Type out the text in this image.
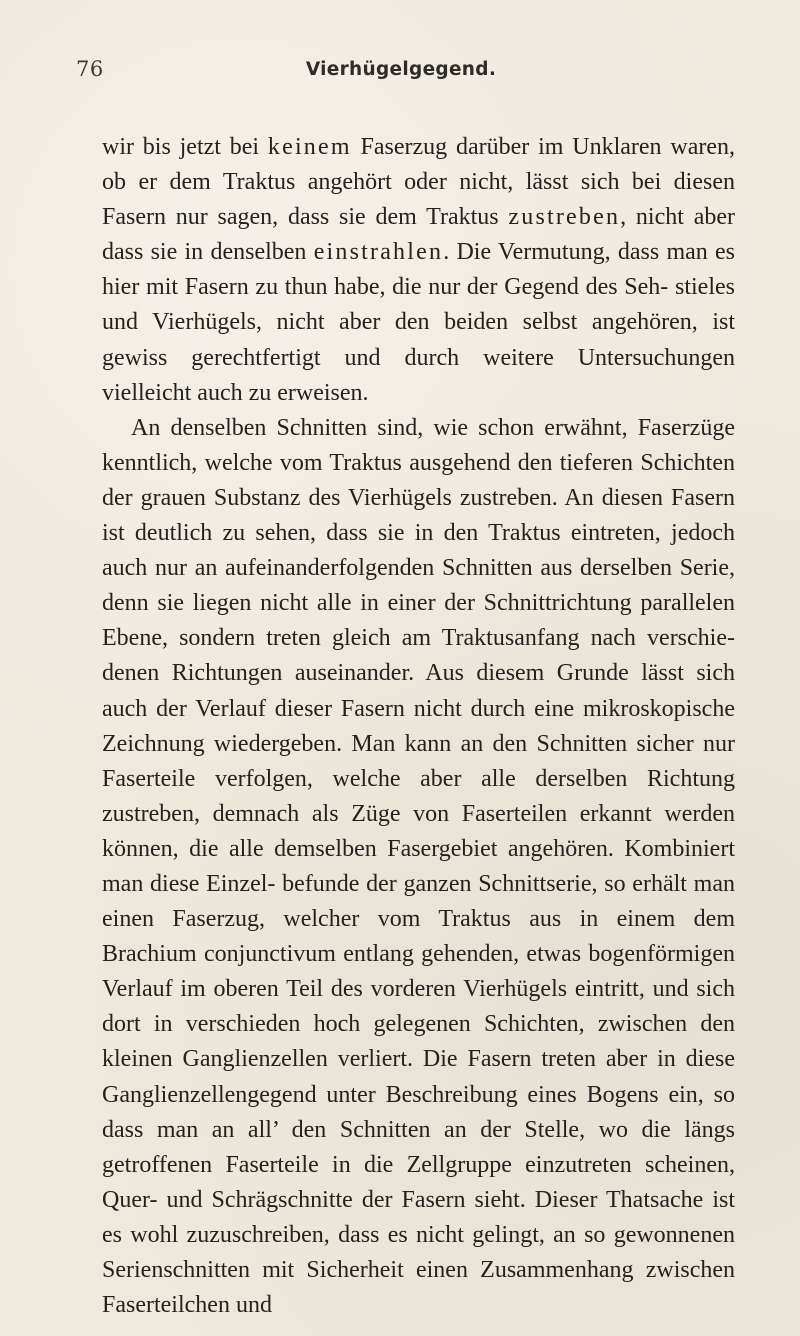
76	Vierhügelgegend.

wir bis jetzt bei keinem Faserzug darüber im Unklaren waren, ob er dem Traktus angehört oder nicht, lässt sich bei diesen Fasern nur sagen, dass sie dem Traktus zustreben, nicht aber dass sie in denselben einstrahlen. Die Vermutung, dass man es hier mit Fasern zu thun habe, die nur der Gegend des Seh- stieles und Vierhügels, nicht aber den beiden selbst angehören, ist gewiss gerechtfertigt und durch weitere Untersuchungen vielleicht auch zu erweisen.

An denselben Schnitten sind, wie schon erwähnt, Faserzüge kenntlich, welche vom Traktus ausgehend den tieferen Schichten der grauen Substanz des Vierhügels zustreben. An diesen Fasern ist deutlich zu sehen, dass sie in den Traktus eintreten, jedoch auch nur an aufeinanderfolgenden Schnitten aus derselben Serie, denn sie liegen nicht alle in einer der Schnittrichtung parallelen Ebene, sondern treten gleich am Traktusanfang nach verschie- denen Richtungen auseinander. Aus diesem Grunde lässt sich auch der Verlauf dieser Fasern nicht durch eine mikroskopische Zeichnung wiedergeben. Man kann an den Schnitten sicher nur Faserteile verfolgen, welche aber alle derselben Richtung zustreben, demnach als Züge von Faserteilen erkannt werden können, die alle demselben Fasergebiet angehören. Kombiniert man diese Einzel- befunde der ganzen Schnittserie, so erhält man einen Faserzug, welcher vom Traktus aus in einem dem Brachium conjunctivum entlang gehenden, etwas bogenförmigen Verlauf im oberen Teil des vorderen Vierhügels eintritt, und sich dort in verschieden hoch gelegenen Schichten, zwischen den kleinen Ganglienzellen verliert. Die Fasern treten aber in diese Ganglienzellengegend unter Beschreibung eines Bogens ein, so dass man an all’ den Schnitten an der Stelle, wo die längs getroffenen Faserteile in die Zellgruppe einzutreten scheinen, Quer- und Schrägschnitte der Fasern sieht. Dieser Thatsache ist es wohl zuzuschreiben, dass es nicht gelingt, an so gewonnenen Serienschnitten mit Sicherheit einen Zusammenhang zwischen Faserteilchen und
